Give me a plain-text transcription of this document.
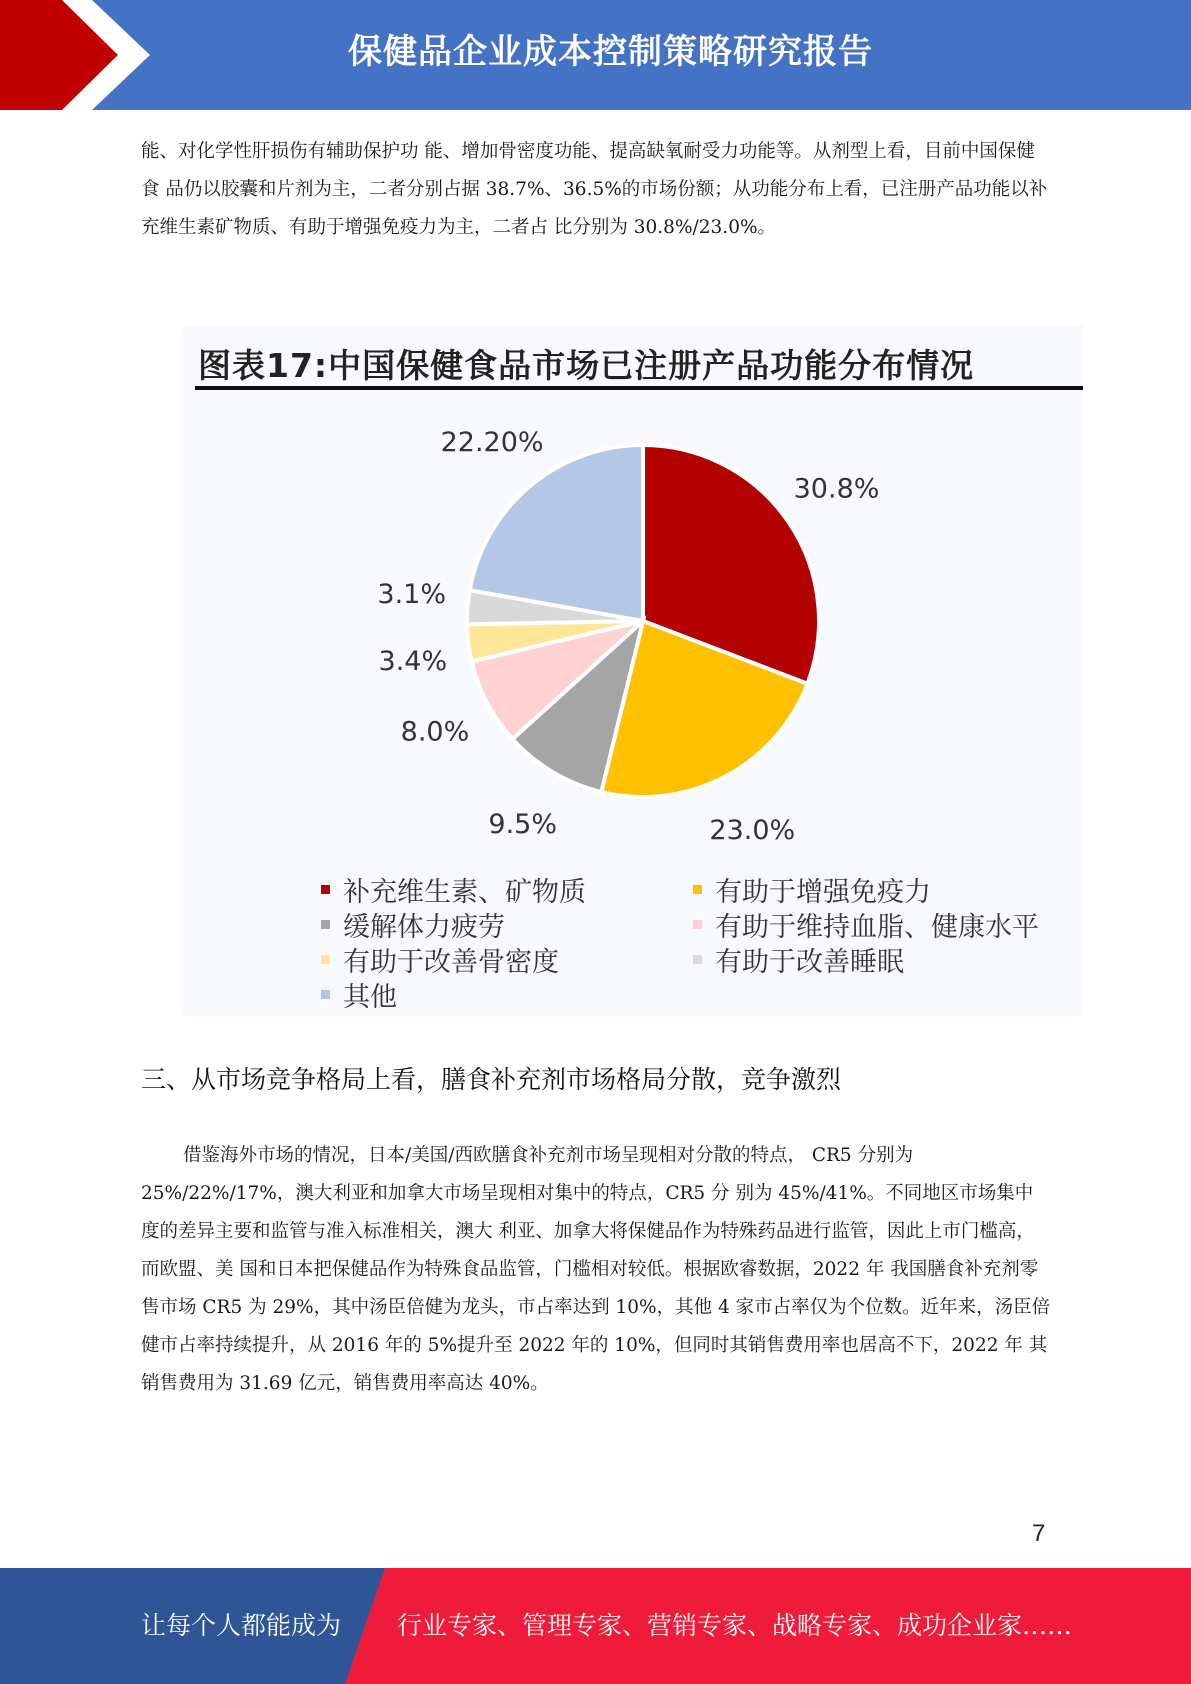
保健品企业成本控制策略研究报告

能、对化学性肝损伤有辅助保护功 能、增加骨密度功能、提高缺氧耐受力功能等。从剂型上看，目前中国保健食 品仍以胶囊和片剂为主，二者分别占据 38.7%、36.5%的市场份额；从功能分布上看，已注册产品功能以补充维生素矿物质、有助于增强免疫力为主，二者占 比分别为 30.8%/23.0%。

图表17:中国保健食品市场已注册产品功能分布情况
30.8%
23.0%
9.5%
8.0%
3.4%
3.1%
22.20%
补充维生素、矿物质	有助于增强免疫力
缓解体力疲劳	有助于维持血脂、健康水平
有助于改善骨密度	有助于改善睡眠
其他
三、从市场竞争格局上看，膳食补充剂市场格局分散，竞争激烈

借鉴海外市场的情况，日本/美国/西欧膳食补充剂市场呈现相对分散的特点， CR5 分别为 25%/22%/17%，澳大利亚和加拿大市场呈现相对集中的特点，CR5 分 别为 45%/41%。不同地区市场集中度的差异主要和监管与准入标准相关，澳大 利亚、加拿大将保健品作为特殊药品进行监管，因此上市门槛高，而欧盟、美 国和日本把保健品作为特殊食品监管，门槛相对较低。根据欧睿数据，2022 年 我国膳食补充剂零售市场 CR5 为 29%，其中汤臣倍健为龙头，市占率达到 10%，其他 4 家市占率仅为个位数。近年来，汤臣倍健市占率持续提升，从 2016 年的 5%提升至 2022 年的 10%，但同时其销售费用率也居高不下，2022 年 其销售费用为 31.69 亿元，销售费用率高达 40%。

7
让每个人都能成为 行业专家、管理专家、营销专家、战略专家、成功企业家……
